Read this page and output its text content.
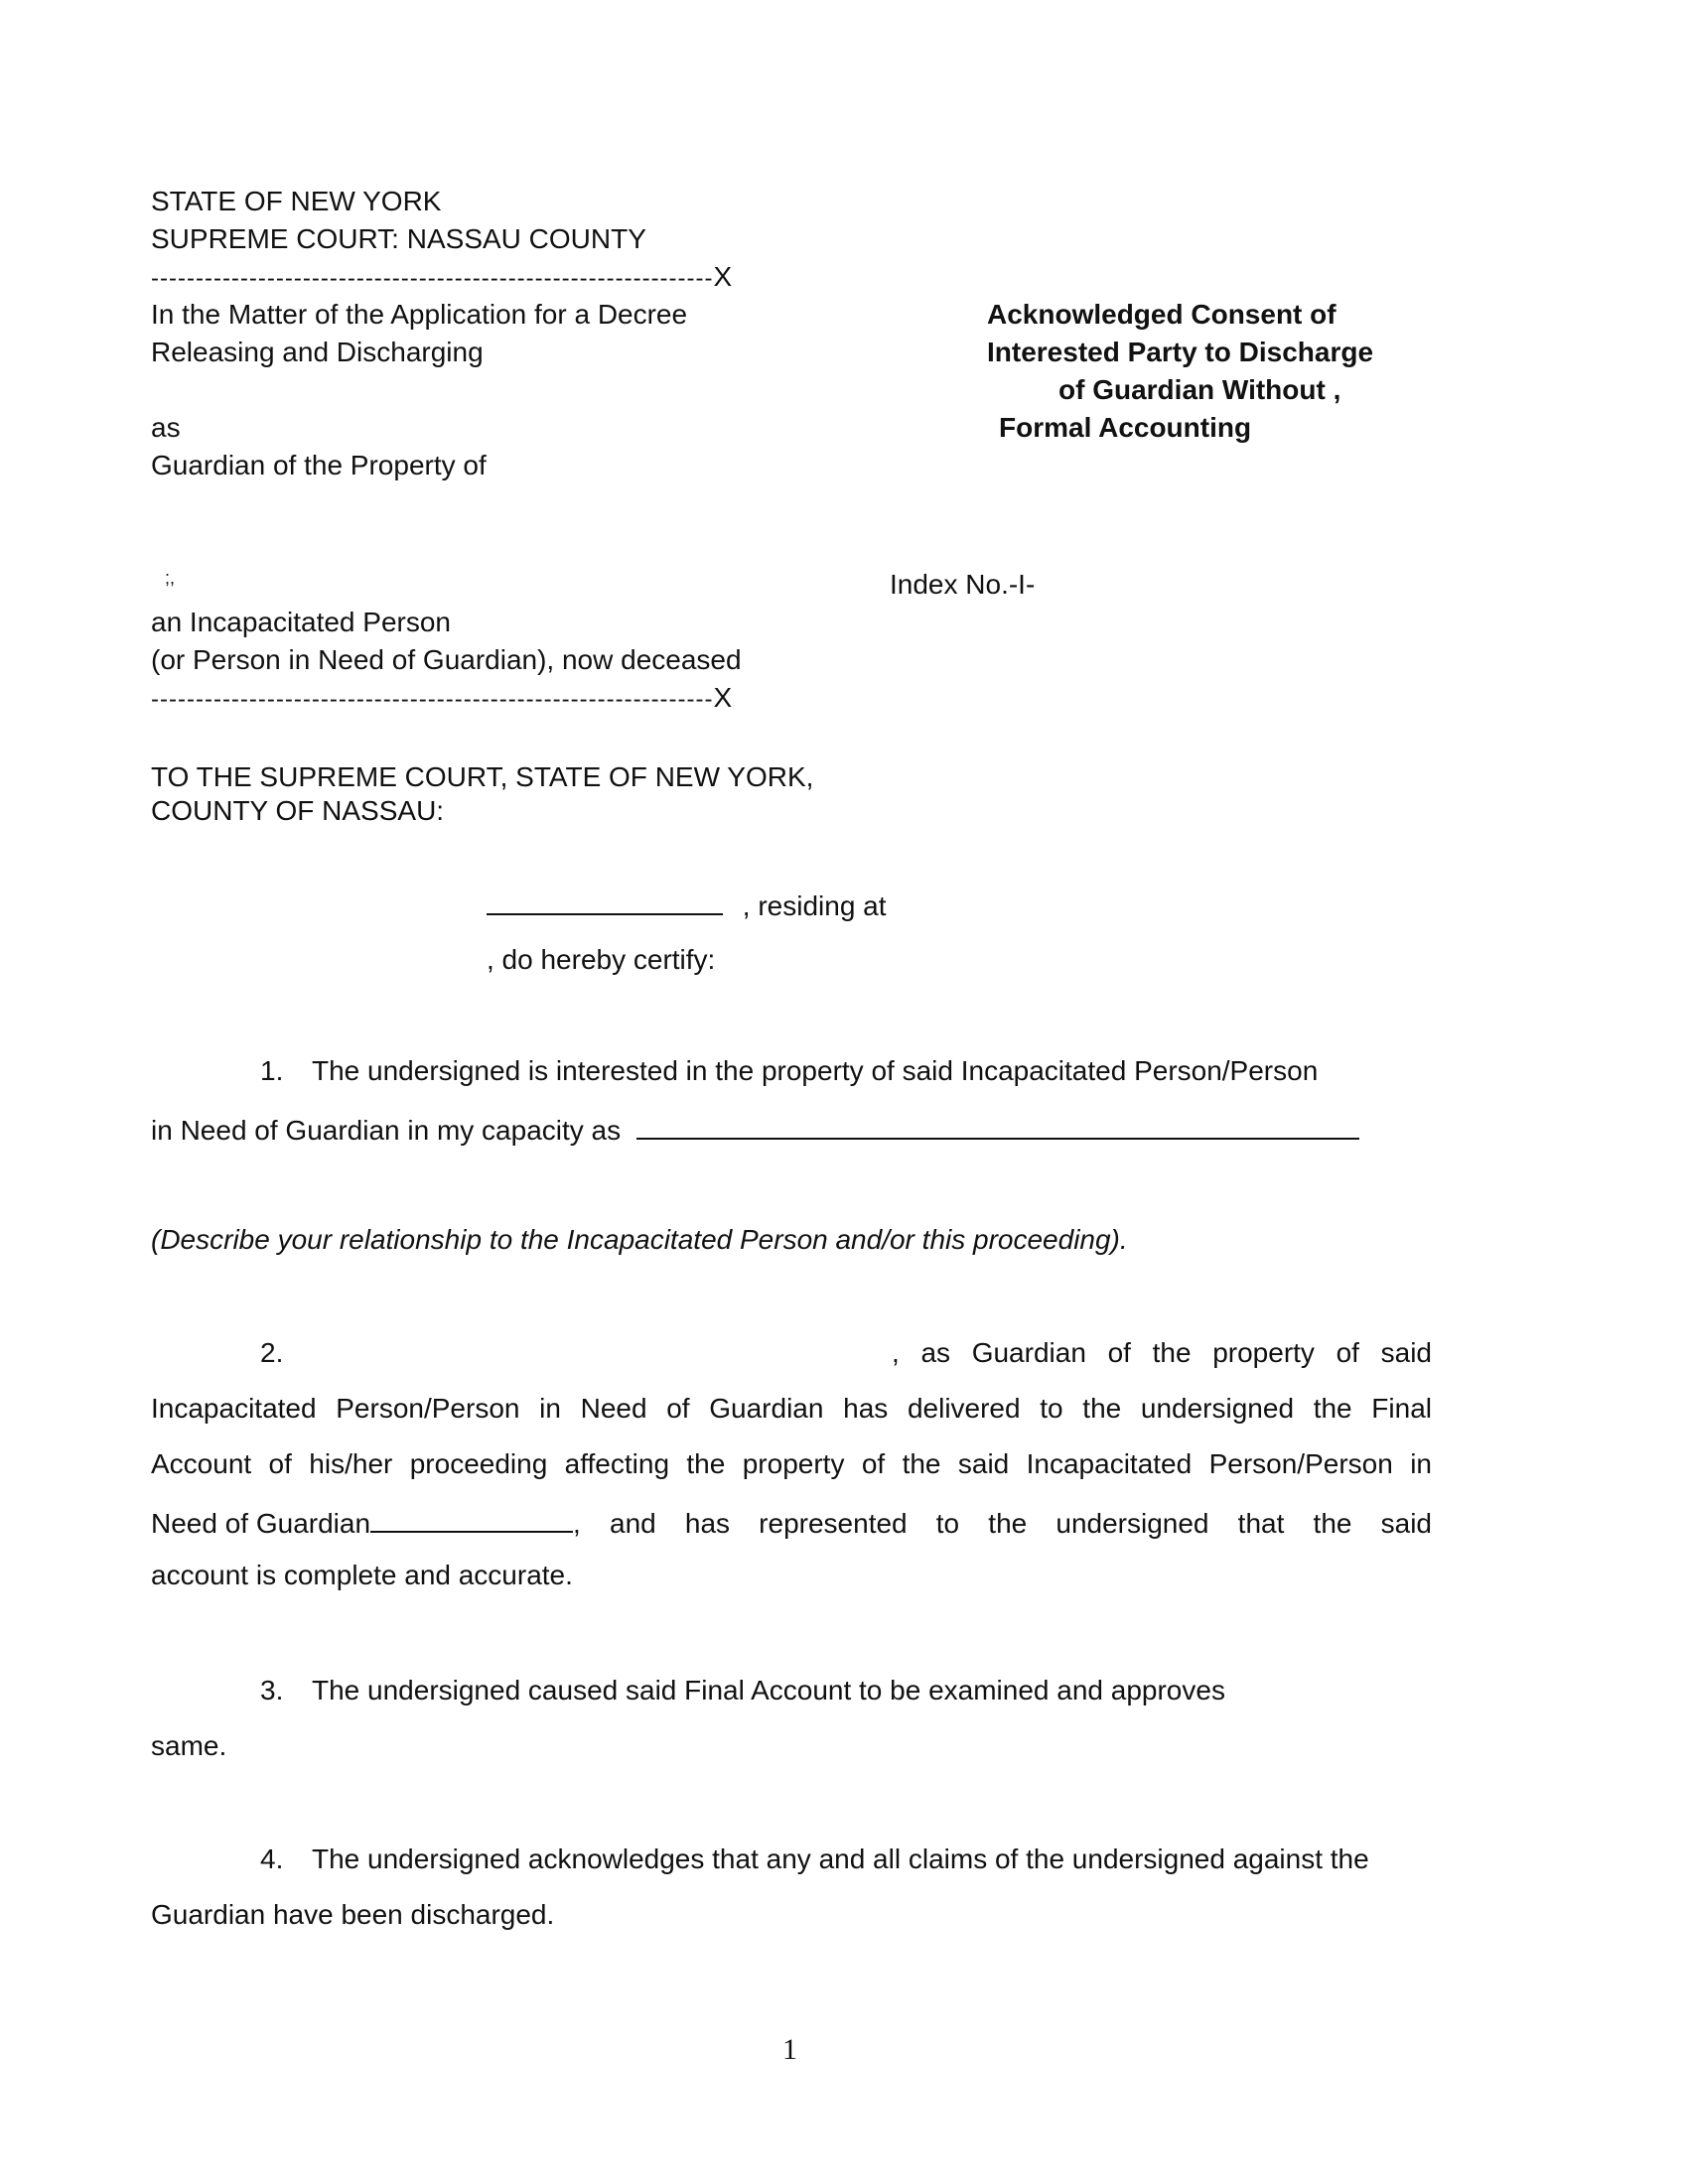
STATE OF NEW YORK
SUPREME COURT: NASSAU COUNTY
---------------------------------------------------------------X
In the Matter of the Application for a Decree
Releasing and Discharging
as
Guardian of the Property of
;,
an Incapacitated Person
(or Person in Need of Guardian), now deceased
---------------------------------------------------------------X
Acknowledged Consent of
Interested Party to Discharge
of Guardian Without ,
Formal Accounting
Index No.-I-
TO THE SUPREME COURT, STATE OF NEW YORK,
COUNTY OF NASSAU:
, residing at
, do hereby certify:
1. The undersigned is interested in the property of said Incapacitated Person/Person
in Need of Guardian in my capacity as
(Describe your relationship to the Incapacitated Person and/or this proceeding).
2.	, as Guardian of the property of said
Incapacitated Person/Person in Need of Guardian has delivered to the undersigned the Final
Account of his/her proceeding affecting the property of the said Incapacitated Person/Person in
Need of Guardian	, and has represented to the undersigned that the said
account is complete and accurate.
3. The undersigned caused said Final Account to be examined and approves
same.
4. The undersigned acknowledges that any and all claims of the undersigned against the
Guardian have been discharged.
1
